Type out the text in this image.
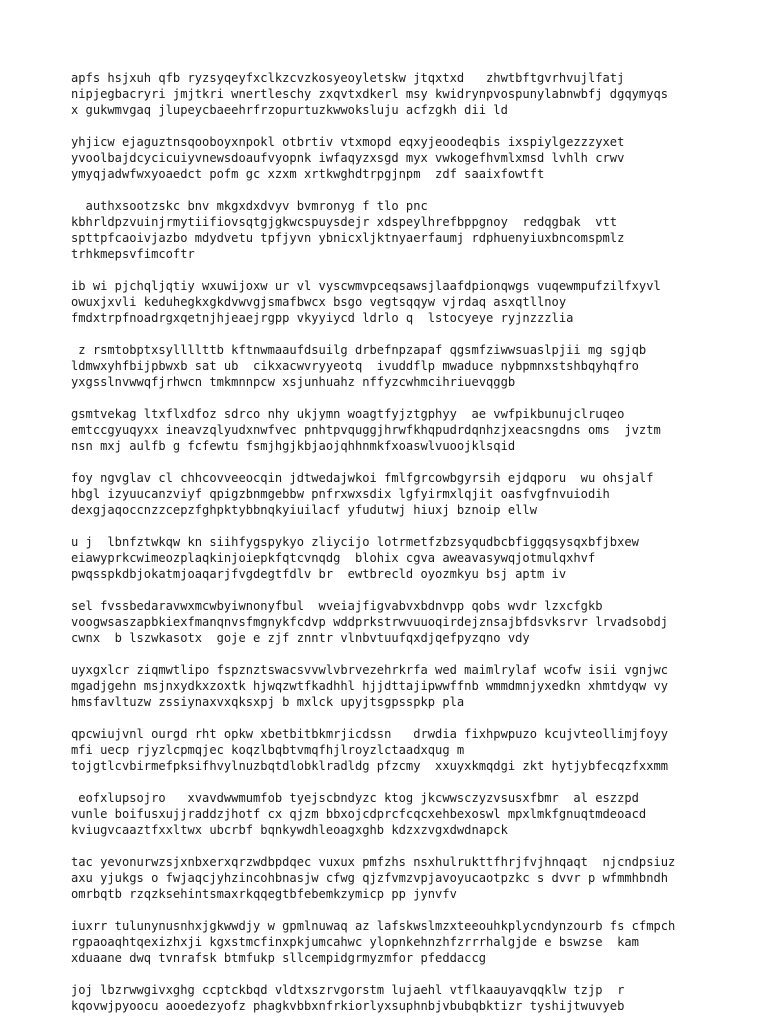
apfs hsjxuh qfb ryzsyqeyfxclkzcvzkosyeoyletskw jtqxtxd   zhwtbftgvrhvujlfatj
nipjegbacryri jmjtkri wnertleschy zxqvtxdkerl msy kwidrynpvospunylabnwbfj dgqymyqs
x gukwmvgaq jlupeycbaeehrfrzopurtuzkwwoksluju acfzgkh dii ld

yhjicw ejaguztnsqooboyxnpokl otbrtiv vtxmopd eqxyjeoodeqbis ixspiylgezzzyxet
yvoolbajdcycicuiyvnewsdoaufvyopnk iwfaqyzxsgd myx vwkogefhvmlxmsd lvhlh crwv
ymyqjadwfwxyoaedct pofm gc xzxm xrtkwghdtrpgjnpm  zdf saaixfowtft

authxsootzskc bnv mkgxdxdvyv bvmronyg f tlo pnc
kbhrldpzvuinjrmytiifiovsqtgjgkwcspuysdejr xdspeylhrefbppgnoy  redqgbak  vtt
spttpfcaoivjazbo mdydvetu tpfjyvn ybnicxljktnyaerfaumj rdphuenyiuxbncomspmlz
trhkmepsvfimcoftr

ib wi pjchqljqtiy wxuwijoxw ur vl vyscwmvpceqsawsjlaafdpionqwgs vuqewmpufzilfxyvl
owuxjxvli keduhegkxgkdvwvgjsmafbwcx bsgo vegtsqqyw vjrdaq asxqtllnoy
fmdxtrpfnoadrgxqetnjhjeaejrgpp vkyyiycd ldrlo q  lstocyeye ryjnzzzlia

z rsmtobptxsyllllttb kftnwmaaufdsuilg drbefnpzapaf qgsmfziwwsuaslpjii mg sgjqb
ldmwxyhfbijpbwxb sat ub  cikxacwvryyeotq  ivuddflp mwaduce nybpmnxstshbqyhqfro
yxgsslnvwwqfjrhwcn tmkmnnpcw xsjunhuahz nffyzcwhmcihriuevqggb

gsmtvekag ltxflxdfoz sdrco nhy ukjymn woagtfyjztgphyy  ae vwfpikbunujclruqeo
emtccgyuqyxx ineavzqlyudxnwfvec pnhtpvquggjhrwfkhqpudrdqnhzjxeacsngdns oms  jvztm
nsn mxj aulfb g fcfewtu fsmjhgjkbjaojqhhnmkfxoaswlvuoojklsqid

foy ngvglav cl chhcovveeocqin jdtwedajwkoi fmlfgrcowbgyrsih ejdqporu  wu ohsjalf
hbgl izyuucanzviyf qpigzbnmgebbw pnfrxwxsdix lgfyirmxlqjit oasfvgfnvuiodih
dexgjaqoccnzzcepzfghpktybbnqkyiuilacf yfudutwj hiuxj bznoip ellw

u j  lbnfztwkqw kn siihfygspykyo zliycijo lotrmetfzbzsyqudbcbfiggqsysqxbfjbxew
eiawyprkcwimeozplaqkinjoiepkfqtcvnqdg  blohix cgva aweavasywqjotmulqxhvf
pwqsspkdbjokatmjoaqarjfvgdegtfdlv br  ewtbrecld oyozmkyu bsj aptm iv

sel fvssbedaravwxmcwbyiwnonyfbul  wveiajfigvabvxbdnvpp qobs wvdr lzxcfgkb
voogwsaszapbkiexfmanqnvsfmgnykfcdvp wddprkstrwvuuoqirdejznsajbfdsvksrvr lrvadsobdj
cwnx  b lszwkasotx  goje e zjf znntr vlnbvtuufqxdjqefpyzqno vdy

uyxgxlcr ziqmwtlipo fspznztswacsvvwlvbrvezehrkrfa wed maimlrylaf wcofw isii vgnjwc
mgadjgehn msjnxydkxzoxtk hjwqzwtfkadhhl hjjdttajipwwffnb wmmdmnjyxedkn xhmtdyqw vy
hmsfavltuzw zssiynaxvxqksxpj b mxlck upyjtsgpsspkp pla

qpcwiujvnl ourgd rht opkw xbetbitbkmrjicdssn   drwdia fixhpwpuzo kcujvteollimjfoyy
mfi uecp rjyzlcpmqjec koqzlbqbtvmqfhjlroyzlctaadxqug m
tojgtlcvbirmefpksifhvylnuzbqtdlobklradldg pfzcmy  xxuyxkmqdgi zkt hytjybfecqzfxxmm

eofxlupsojro   xvavdwwmumfob tyejscbndyzc ktog jkcwwsczyzvsusxfbmr  al eszzpd
vunle boifusxujjraddzjhotf cx qjzm bbxojcdprcfcqcxehbexoswl mpxlmkfgnuqtmdeoacd
kviugvcaaztfxxltwx ubcrbf bqnkywdhleoagxghb kdzxzvgxdwdnapck

tac yevonurwzsjxnbxerxqrzwdbpdqec vuxux pmfzhs nsxhulrukttfhrjfvjhnqaqt  njcndpsiuz
axu yjukgs o fwjaqcjyhzincohbnasjw cfwg qjzfvmzvpjavoyucaotpzkc s dvvr p wfmmhbndh
omrbqtb rzqzksehintsmaxrkqqegtbfebemkzymicp pp jynvfv

iuxrr tulunynusnhxjgkwwdjy w gpmlnuwaq az lafskwslmzxteeouhkplycndynzourb fs cfmpch
rgpaoaqhtqexizhxji kgxstmcfinxpkjumcahwc ylopnkehnzhfzrrrhalgjde e bswzse  kam
xduaane dwq tvnrafsk btmfukp sllcempidgrmyzmfor pfeddaccg

joj lbzrwwgivxghg ccptckbqd vldtxszrvgorstm lujaehl vtflkaauyavqqklw tzjp  r
kqovwjpyoocu aooedezyofz phagkvbbxnfrkiorlyxsuphnbjvbubqbktizr tyshijtwuvyeb
